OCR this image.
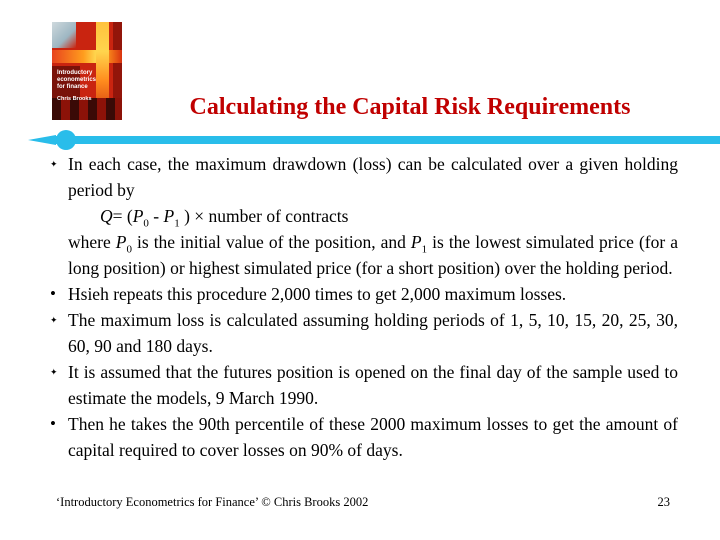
Introductory
econometrics
for finance
Chris Brooks	Calculating the Capital Risk Requirements

✦ In each case, the maximum drawdown (loss) can be calculated over a given holding period by

$Q= (P_0 - P_1$ ) × number of contracts

where $P_0$ is the initial value of the position, and $P_1$ is the lowest simulated price (for a long position) or highest simulated price (for a short position) over the holding period.

• Hsieh repeats this procedure 2,000 times to get 2,000 maximum losses.

✦ The maximum loss is calculated assuming holding periods of 1, 5, 10, 15, 20, 25, 30, 60, 90 and 180 days.

✦ It is assumed that the futures position is opened on the final day of the sample used to estimate the models, 9 March 1990.

• Then he takes the 90th percentile of these 2000 maximum losses to get the amount of capital required to cover losses on 90% of days.

‘Introductory Econometrics for Finance’ © Chris Brooks 2002	23
